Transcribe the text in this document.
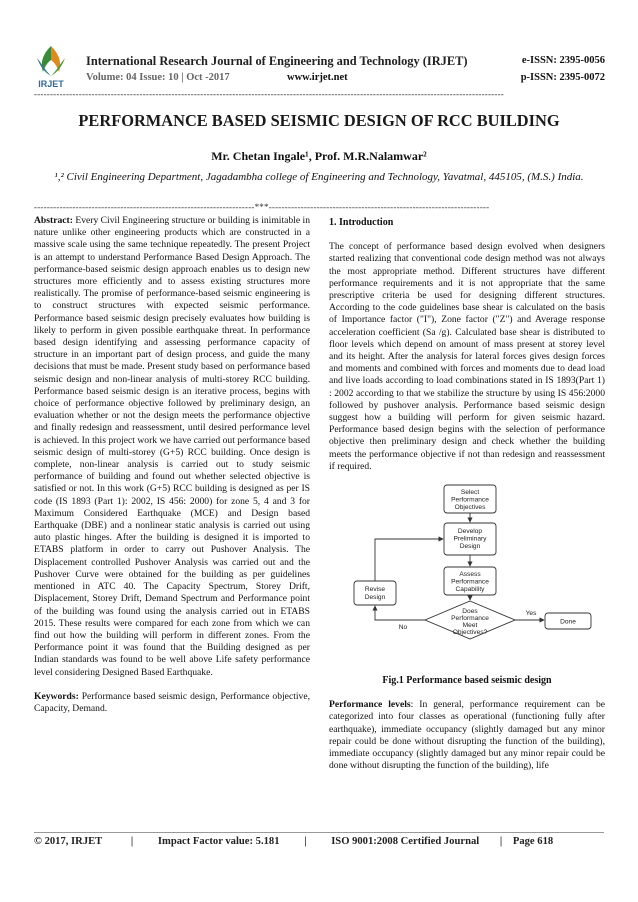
IRJET
International Research Journal of Engineering and Technology (IRJET)
Volume: 04 Issue: 10 | Oct -2017	www.irjet.net
e-ISSN: 2395-0056
p-ISSN: 2395-0072
---------------------------------------------------------------------------------------------------------------------------------------------------
PERFORMANCE BASED SEISMIC DESIGN OF RCC BUILDING
Mr. Chetan Ingale¹, Prof. M.R.Nalamwar²
¹,² Civil Engineering Department, Jagadambha college of Engineering and Technology, Yavatmal, 445105, (M.S.) India.
---------------------------------------------------------------------***---------------------------------------------------------------------

Abstract: Every Civil Engineering structure or building is inimitable in nature unlike other engineering products which are constructed in a massive scale using the same technique repeatedly. The present Project is an attempt to understand Performance Based Design Approach. The performance-based seismic design approach enables us to design new structures more efficiently and to assess existing structures more realistically. The promise of performance-based seismic engineering is to construct structures with expected seismic performance. Performance based seismic design precisely evaluates how building is likely to perform in given possible earthquake threat. In performance based design identifying and assessing performance capacity of structure in an important part of design process, and guide the many decisions that must be made. Present study based on performance based seismic design and non-linear analysis of multi-storey RCC building. Performance based seismic design is an iterative process, begins with choice of performance objective followed by preliminary design, an evaluation whether or not the design meets the performance objective and finally redesign and reassessment, until desired performance level is achieved. In this project work we have carried out performance based seismic design of multi-storey (G+5) RCC building. Once design is complete, non-linear analysis is carried out to study seismic performance of building and found out whether selected objective is satisfied or not. In this work (G+5) RCC building is designed as per IS code (IS 1893 (Part 1): 2002, IS 456: 2000) for zone 5, 4 and 3 for Maximum Considered Earthquake (MCE) and Design based Earthquake (DBE) and a nonlinear static analysis is carried out using auto plastic hinges. After the building is designed it is imported to ETABS platform in order to carry out Pushover Analysis. The Displacement controlled Pushover Analysis was carried out and the Pushover Curve were obtained for the building as per guidelines mentioned in ATC 40. The Capacity Spectrum, Storey Drift, Displacement, Storey Drift, Demand Spectrum and Performance point of the building was found using the analysis carried out in ETABS 2015. These results were compared for each zone from which we can find out how the building will perform in different zones. From the Performance point it was found that the Building designed as per Indian standards was found to be well above Life safety performance level considering Designed Based Earthquake.

Keywords: Performance based seismic design, Performance objective, Capacity, Demand.

1. Introduction

The concept of performance based design evolved when designers started realizing that conventional code design method was not always the most appropriate method. Different structures have different performance requirements and it is not appropriate that the same prescriptive criteria be used for designing different structures. According to the code guidelines base shear is calculated on the basis of Importance factor ("I"), Zone factor ("Z") and Average response acceleration coefficient (Sa /g). Calculated base shear is distributed to floor levels which depend on amount of mass present at storey level and its height. After the analysis for lateral forces gives design forces and moments and combined with forces and moments due to dead load and live loads according to load combinations stated in IS 1893(Part 1) : 2002 according to that we stabilize the structure by using IS 456:2000 followed by pushover analysis. Performance based seismic design suggest how a building will perform for given seismic hazard. Performance based design begins with the selection of performance objective then preliminary design and check whether the building meets the performance objective if not than redesign and reassessment if required.

Select
Performance
Objectives
Develop
Preliminary
Design
Assess
Performance
Capability
Does
Performance
Meet
Objectives?
Revise
Design
Done
No
Yes
Fig.1 Performance based seismic design

Performance levels: In general, performance requirement can be categorized into four classes as operational (functioning fully after earthquake), immediate occupancy (slightly damaged but any minor repair could be done without disrupting the function of the building), immediate occupancy (slightly damaged but any minor repair could be done without disrupting the function of the building), life

© 2017, IRJET	| Impact Factor value: 5.181 | ISO 9001:2008 Certified Journal | Page 618
